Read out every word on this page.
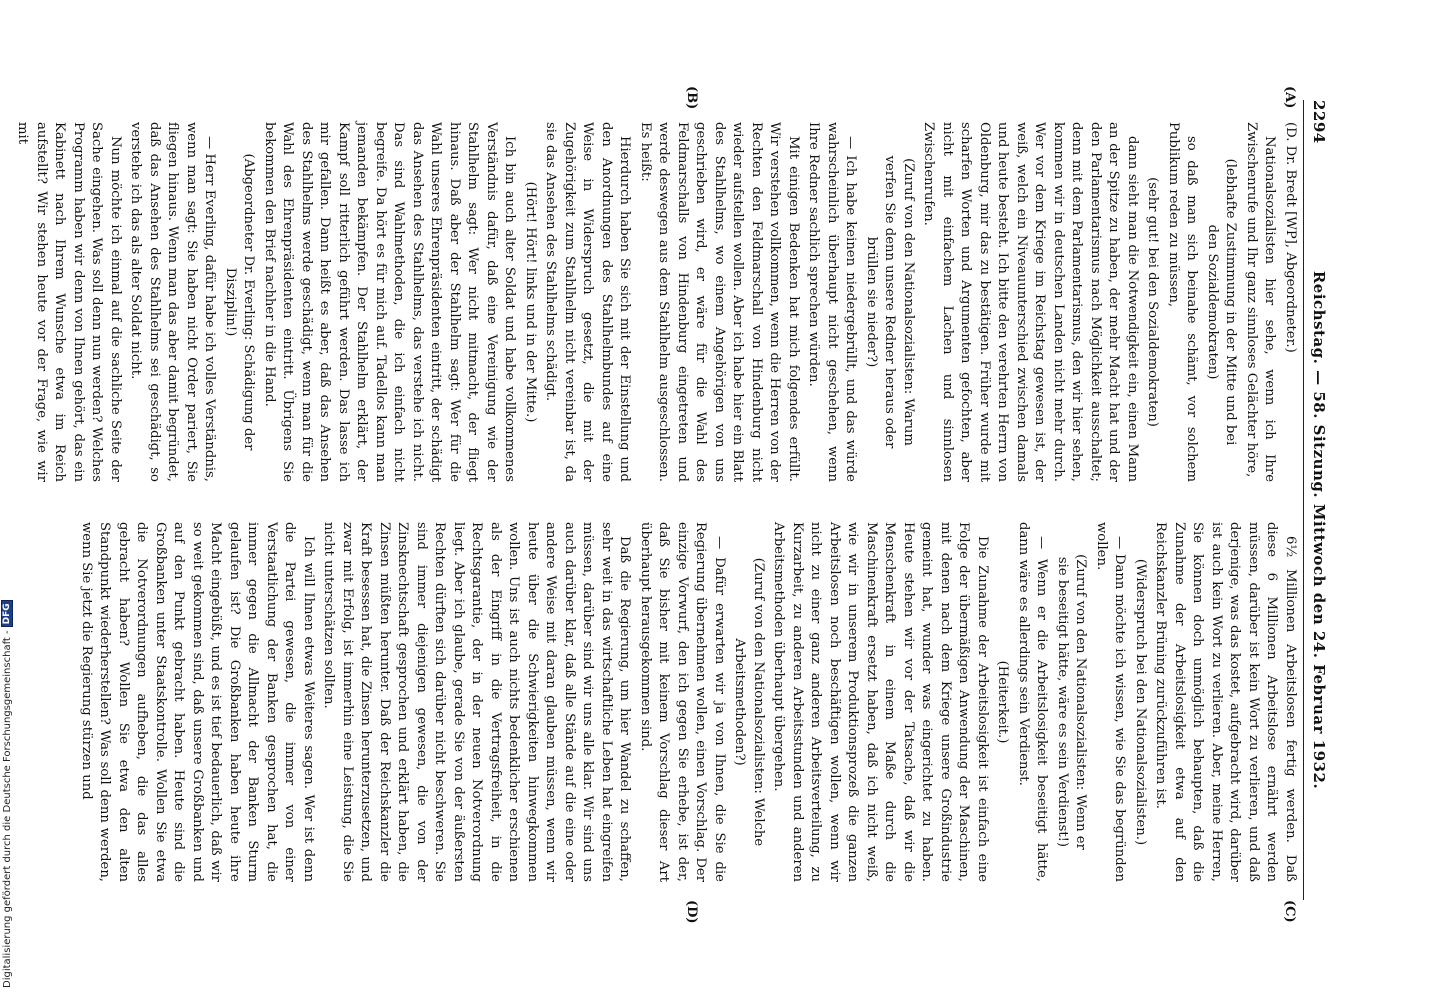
2294
Reichstag. — 58. Sitzung. Mittwoch den 24. Februar 1932.

(D. Dr. Bredt [WP], Abgeordneter.)

Nationalsozialisten hier sehe, wenn ich Ihre Zwischenrufe und Ihr ganz sinnloses Gelächter höre,

(lebhafte Zustimmung in der Mitte und bei den Sozialdemokraten)

so daß man sich beinahe schämt, vor solchem Publikum reden zu müssen,

(sehr gut! bei den Sozialdemokraten)

dann sieht man die Notwendigkeit ein, einen Mann an der Spitze zu haben, der mehr Macht hat und der den Parlamentarismus nach Möglichkeit ausschaltet; denn mit dem Parlamentarismus, den wir hier sehen, kommen wir in deutschen Landen nicht mehr durch. Wer vor dem Kriege im Reichstag gewesen ist, der weiß, welch ein Niveauunterschied zwischen damals und heute besteht. Ich bitte den verehrten Herrn von Oldenburg, mir das zu bestätigen. Früher wurde mit scharfen Worten und Argumenten gefochten, aber nicht mit einfachem Lachen und sinnlosen Zwischenrufen.

(Zuruf von den Nationalsozialisten: Warum verfen Sie denn unsere Redner heraus oder brüllen sie nieder?)

— Ich habe keinen niedergebrüllt, und das würde wahrscheinlich überhaupt nicht geschehen, wenn Ihre Redner sachlich sprechen würden.

Mit einigen Bedenken hat mich folgendes erfüllt. Wir verstehen vollkommen, wenn die Herren von der Rechten den Feldmarschall von Hindenburg nicht wieder aufstellen wollen. Aber ich habe hier ein Blatt des Stahlhelms, wo einem Angehörigen von uns geschrieben wird, er wäre für die Wahl des Feldmarschalls von Hindenburg eingetreten und werde deswegen aus dem Stahlhelm ausgeschlossen. Es heißt:

Hierdurch haben Sie sich mit der Einstellung und den Anordnungen des Stahlhelmbundes auf eine Weise in Widerspruch gesetzt, die mit der Zugehörigkeit zum Stahlhelm nicht vereinbar ist, da sie das Ansehen des Stahlhelms schädigt.

(Hört! Hört! links und in der Mitte.)

Ich bin auch alter Soldat und habe vollkommenes Verständnis dafür, daß eine Vereinigung wie der Stahlhelm sagt: Wer nicht mitmacht, der fliegt hinaus. Daß aber der Stahlhelm sagt: Wer für die Wahl unseres Ehrenpräsidenten eintritt, der schädigt das Ansehen des Stahlhelms, das verstehe ich nicht. Das sind Wahlmethoden, die ich einfach nicht begreife. Da hört es für mich auf. Tadellos kann man jemanden bekämpfen. Der Stahlhelm erklärt, der Kampf soll ritterlich geführt werden. Das lasse ich mir gefallen. Dann heißt es aber, daß das Ansehen des Stahlhelms werde geschädigt, wenn man für die Wahl des Ehrenpräsidenten eintritt. Übrigens Sie bekommen den Brief nachher in die Hand.

(Abgeordneter Dr. Everling: Schädigung der Disziplin!)

— Herr Everling, dafür habe ich volles Verständnis, wenn man sagt: Sie haben nicht Order pariert, Sie fliegen hinaus. Wenn man das aber damit begründet, daß das Ansehen des Stahlhelms sei geschädigt, so verstehe ich das als alter Soldat nicht.

Nun möchte ich einmal auf die sachliche Seite der Sache eingehen. Was soll denn nun werden? Welches Programm haben wir denn von Ihnen gehört, das ein Kabinett nach Ihrem Wunsche etwa im Reich aufstellt? Wir stehen heute vor der Frage, wie wir mit

6½ Millionen Arbeitslosen fertig werden. Daß diese 6 Millionen Arbeitslose ernährt werden müssen, darüber ist kein Wort zu verlieren, und daß derjenige, was das kostet, aufgebracht wird, darüber ist auch kein Wort zu verlieren. Aber, meine Herren, Sie können doch unmöglich behaupten, daß die Zunahme der Arbeitslosigkeit etwa auf den Reichskanzler Brüning zurückzuführen ist.

(Widerspruch bei den Nationalsozialisten.)

— Dann möchte ich wissen, wie Sie das begründen wollen.

(Zuruf von den Nationalsozialisten: Wenn er sie beseitigt hätte, wäre es sein Verdienst!)

— Wenn er die Arbeitslosigkeit beseitigt hätte, dann wäre es allerdings sein Verdienst.

(Heiterkeit.)

Die Zunahme der Arbeitslosigkeit ist einfach eine Folge der übermäßigen Anwendung der Maschinen, mit denen nach dem Kriege unsere Großindustrie gemeint hat, wunder was eingerichtet zu haben. Heute stehen wir vor der Tatsache, daß wir die Menschenkraft in einem Maße durch die Maschinenkraft ersetzt haben, daß ich nicht weiß, wie wir in unserem Produktionsprozeß die ganzen Arbeitslosen noch beschäftigen wollen, wenn wir nicht zu einer ganz anderen Arbeitsverteilung, zu Kurzarbeit, zu anderen Arbeitsstunden und anderen Arbeitsmethoden überhaupt übergehen.

(Zuruf von den Nationalsozialisten: Welche Arbeitsmethoden?)

— Dafür erwarten wir ja von Ihnen, die Sie die Regierung übernehmen wollen, einen Vorschlag. Der einzige Vorwurf, den ich gegen Sie erhebe, ist der, daß Sie bisher mit keinem Vorschlag dieser Art überhaupt herausgekommen sind.

Daß die Regierung, um hier Wandel zu schaffen, sehr weit in das wirtschaftliche Leben hat eingreifen müssen, darüber sind wir uns alle klar. Wir sind uns auch darüber klar, daß alle Stände auf die eine oder andere Weise mit daran glauben müssen, wenn wir heute über die Schwierigkeiten hinwegkommen wollen. Uns ist auch nichts bedenklicher erschienen als der Eingriff in die Vertragsfreiheit, in die Rechtsgarantie, der in der neuen Notverordnung liegt. Aber ich glaube, gerade Sie von der äußersten Rechten dürften sich darüber nicht beschweren. Sie sind immer diejenigen gewesen, die von der Zinsknechtschaft gesprochen und erklärt haben, die Zinsen müßten herunter. Daß der Reichskanzler die Kraft besessen hat, die Zinsen herunterzusetzen, und zwar mit Erfolg, ist immerhin eine Leistung, die Sie nicht unterschätzen sollten.

Ich will Ihnen etwas Weiteres sagen. Wer ist denn die Partei gewesen, die immer von einer Verstaatlichung der Banken gesprochen hat, die immer gegen die Allmacht der Banken Sturm gelaufen ist? Die Großbanken haben heute ihre Macht eingebüßt, und es ist tief bedauerlich, daß wir so weit gekommen sind, daß unsere Großbanken und auf den Punkt gebracht haben. Heute sind die Großbanken unter Staatskontrolle. Wollen Sie etwa die Notverordnungen aufheben, die das alles gebracht haben? Wollen Sie etwa den alten Standpunkt wiederherstellen? Was soll denn werden, wenn Sie jetzt die Regierung stürzen und

(A)
(B)
(C)
(D)
Digitalisierung gefördert durch die Deutsche Forschungsgemeinschaft -
DFG
